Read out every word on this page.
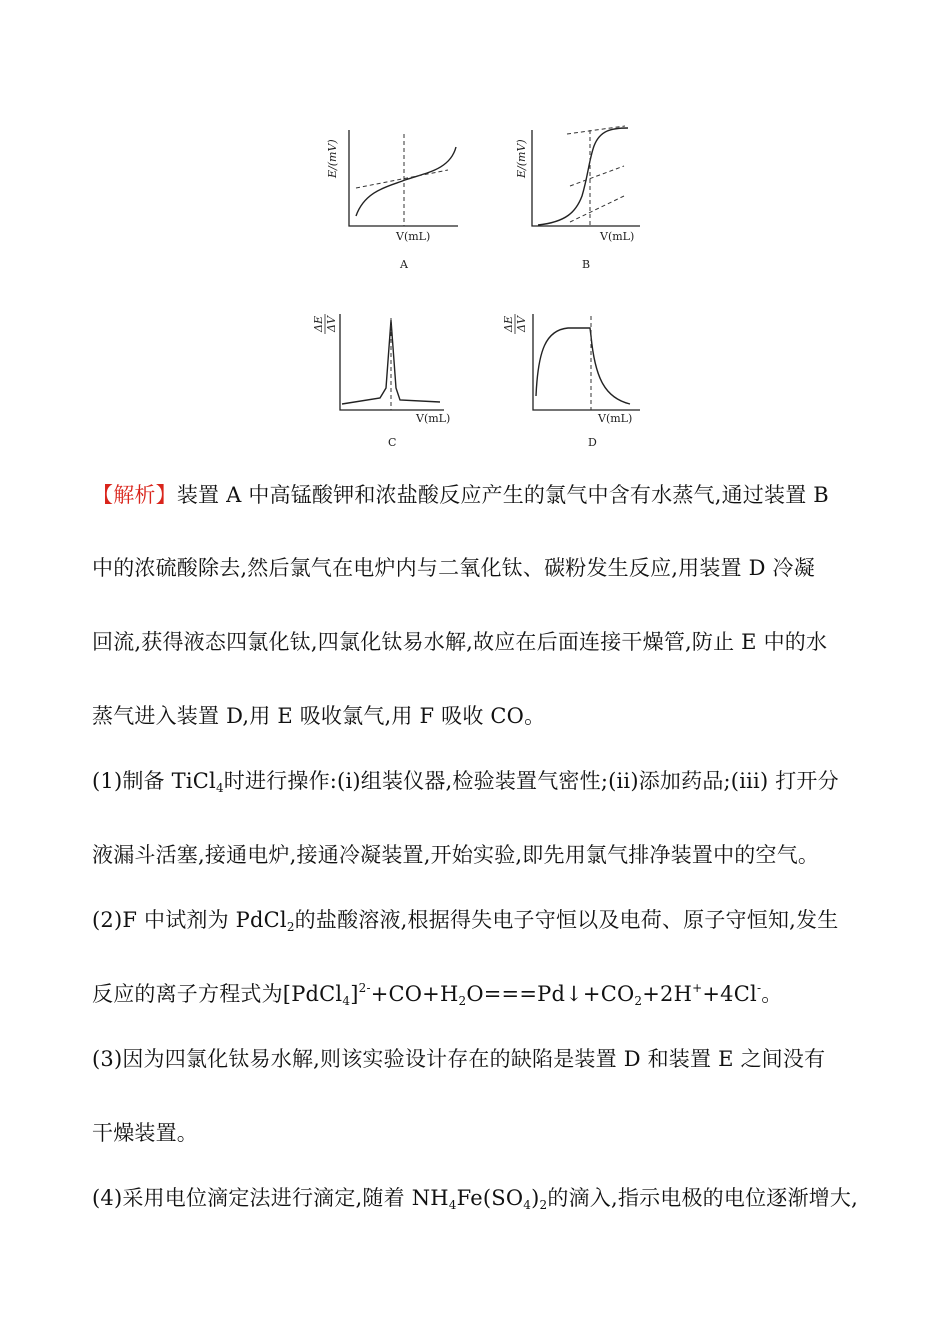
E/(mV)
V(mL)
A
E/(mV)
V(mL)
B
ΔE ΔV
V(mL)
C
ΔE ΔV
V(mL)
D
【解析】装置 A 中高锰酸钾和浓盐酸反应产生的氯气中含有水蒸气,通过装置 B
中的浓硫酸除去,然后氯气在电炉内与二氧化钛、碳粉发生反应,用装置 D 冷凝
回流,获得液态四氯化钛,四氯化钛易水解,故应在后面连接干燥管,防止 E 中的水
蒸气进入装置 D,用 E 吸收氯气,用 F 吸收 CO。
(1)制备 TiCl$_4$时进行操作:(i)组装仪器,检验装置气密性;(ii)添加药品;(iii) 打开分
液漏斗活塞,接通电炉,接通冷凝装置,开始实验,即先用氯气排净装置中的空气。
(2)F 中试剂为 PdCl$_2$的盐酸溶液,根据得失电子守恒以及电荷、原子守恒知,发生
反应的离子方程式为$[PdCl_4]^{2-}+CO+H_2O===Pd↓+CO_2+2H^++4Cl^-$。
(3)因为四氯化钛易水解,则该实验设计存在的缺陷是装置 D 和装置 E 之间没有
干燥装置。
(4)采用电位滴定法进行滴定,随着 $NH_4Fe(SO_4)_2$的滴入,指示电极的电位逐渐增大,
